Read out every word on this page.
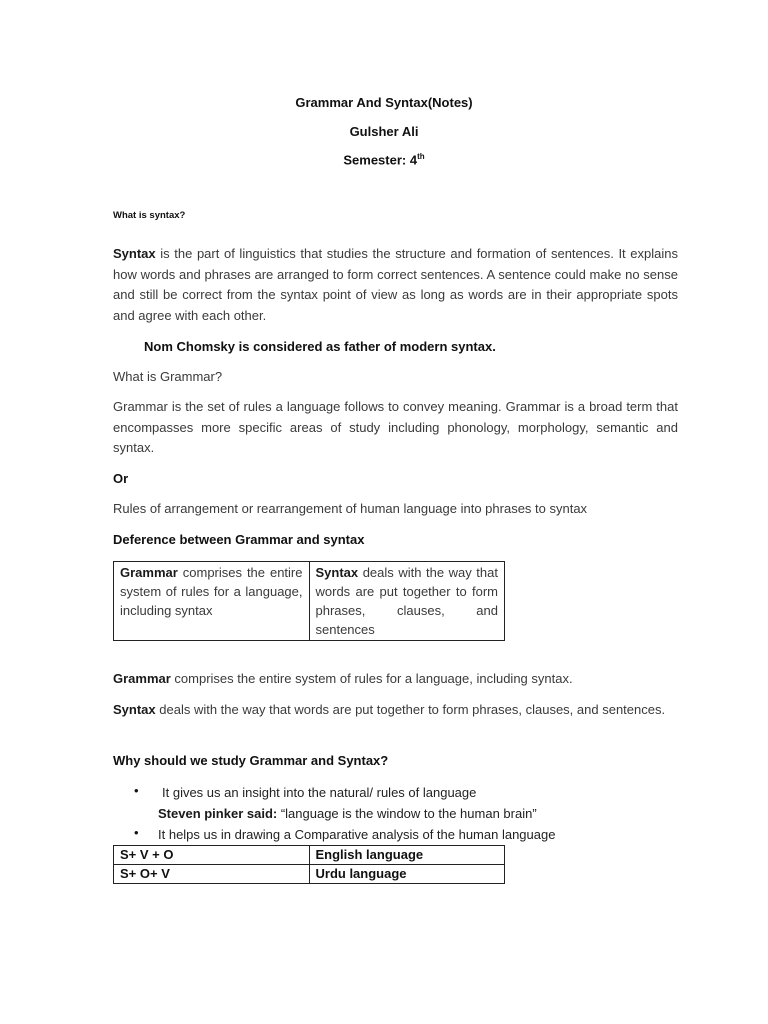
Grammar And Syntax(Notes)
Gulsher Ali
Semester: 4th
What is syntax?
Syntax is the part of linguistics that studies the structure and formation of sentences. It explains how words and phrases are arranged to form correct sentences. A sentence could make no sense and still be correct from the syntax point of view as long as words are in their appropriate spots and agree with each other.
Nom Chomsky is considered as father of modern syntax.
What is Grammar?
Grammar is the set of rules a language follows to convey meaning. Grammar is a broad term that encompasses more specific areas of study including phonology, morphology, semantic and syntax.
Or
Rules of arrangement or rearrangement of human language into phrases to syntax
Deference between Grammar and syntax
Grammar comprises the entire system of rules for a language, including syntax	Syntax deals with the way that words are put together to form phrases, clauses, and sentences
Grammar comprises the entire system of rules for a language, including syntax.
Syntax deals with the way that words are put together to form phrases, clauses, and sentences.
Why should we study Grammar and Syntax?
• It gives us an insight into the natural/ rules of language
Steven pinker said: “language is the window to the human brain”
• It helps us in drawing a Comparative analysis of the human language
S+ V + O	English language
S+ O+ V	Urdu language
